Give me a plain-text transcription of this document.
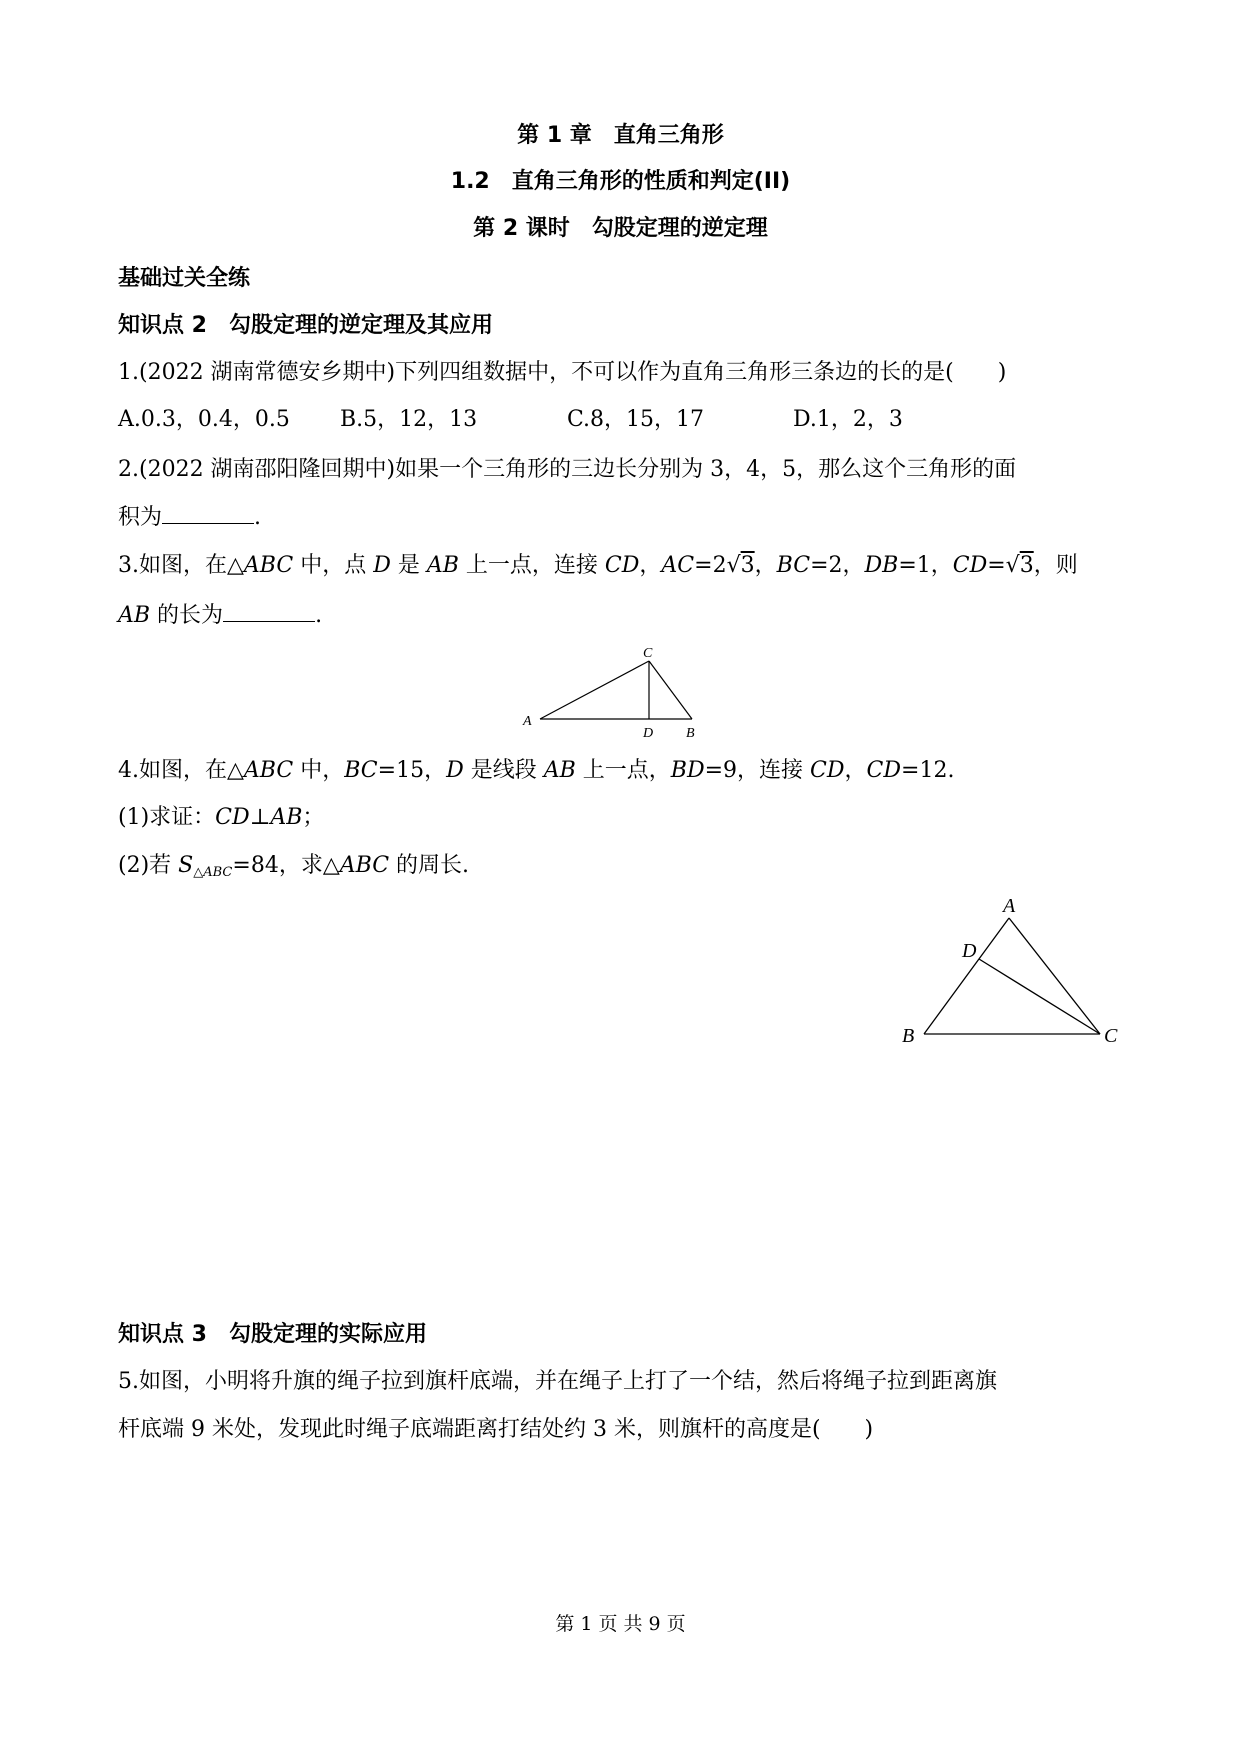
第 1 章　直角三角形
1.2　直角三角形的性质和判定(II)
第 2 课时　勾股定理的逆定理
基础过关全练
知识点 2　勾股定理的逆定理及其应用
1.(2022 湖南常德安乡期中)下列四组数据中，不可以作为直角三角形三条边的长的是(　　)
A.0.3，0.4，0.5 B.5，12，13	C.8，15，17	D.1，2，3
2.(2022 湖南邵阳隆回期中)如果一个三角形的三边长分别为 3，4，5，那么这个三角形的面
积为	.
3.如图，在△ABC 中，点 D 是 AB 上一点，连接 CD，AC=2√3，BC=2，DB=1，CD=√3，则
AB 的长为	.
C
A
D B
4.如图，在△ABC 中，BC=15，D 是线段 AB 上一点，BD=9，连接 CD，CD=12.
(1)求证：CD⊥AB；
(2)若 $S_{\triangle ABC}=84$，求△ABC 的周长.
A
D
B	C
知识点 3　勾股定理的实际应用
5.如图，小明将升旗的绳子拉到旗杆底端，并在绳子上打了一个结，然后将绳子拉到距离旗
杆底端 9 米处，发现此时绳子底端距离打结处约 3 米，则旗杆的高度是(　　)
第 1 页 共 9 页
